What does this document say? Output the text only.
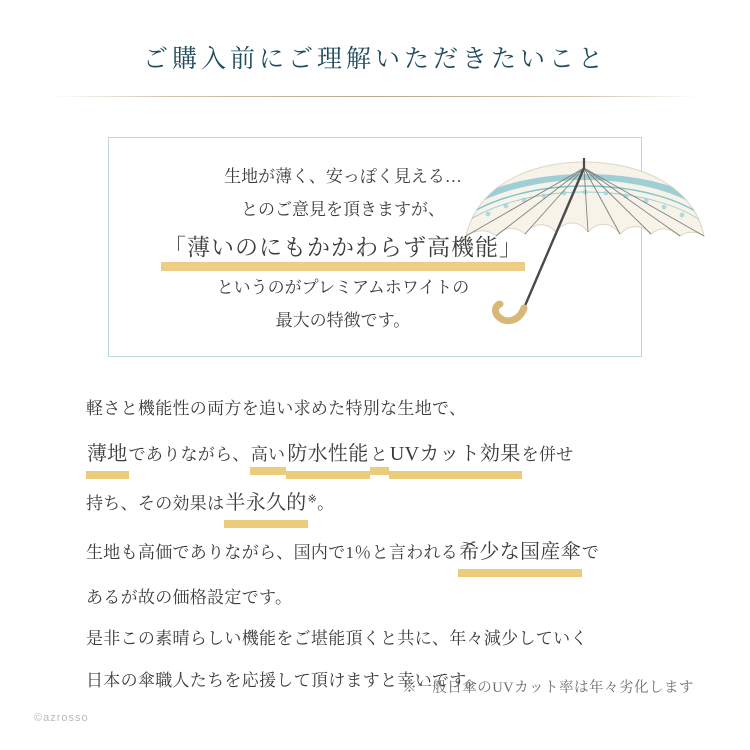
ご購入前にご理解いただきたいこと
生地が薄く、安っぽく見える…
とのご意見を頂きますが、
「薄いのにもかかわらず高機能」
というのがプレミアムホワイトの
最大の特徴です。
軽さと機能性の両方を追い求めた特別な生地で、
薄地でありながら、高い 防水性能 と UVカット効果を併せ
持ち、その効果は半永久的※。
生地も高価でありながら、国内で1％と言われる希少な国産傘で
あるが故の価格設定です。
是非この素晴らしい機能をご堪能頂くと共に、年々減少していく
日本の傘職人たちを応援して頂けますと幸いです。
※一般日傘のUVカット率は年々劣化します
©azrosso
